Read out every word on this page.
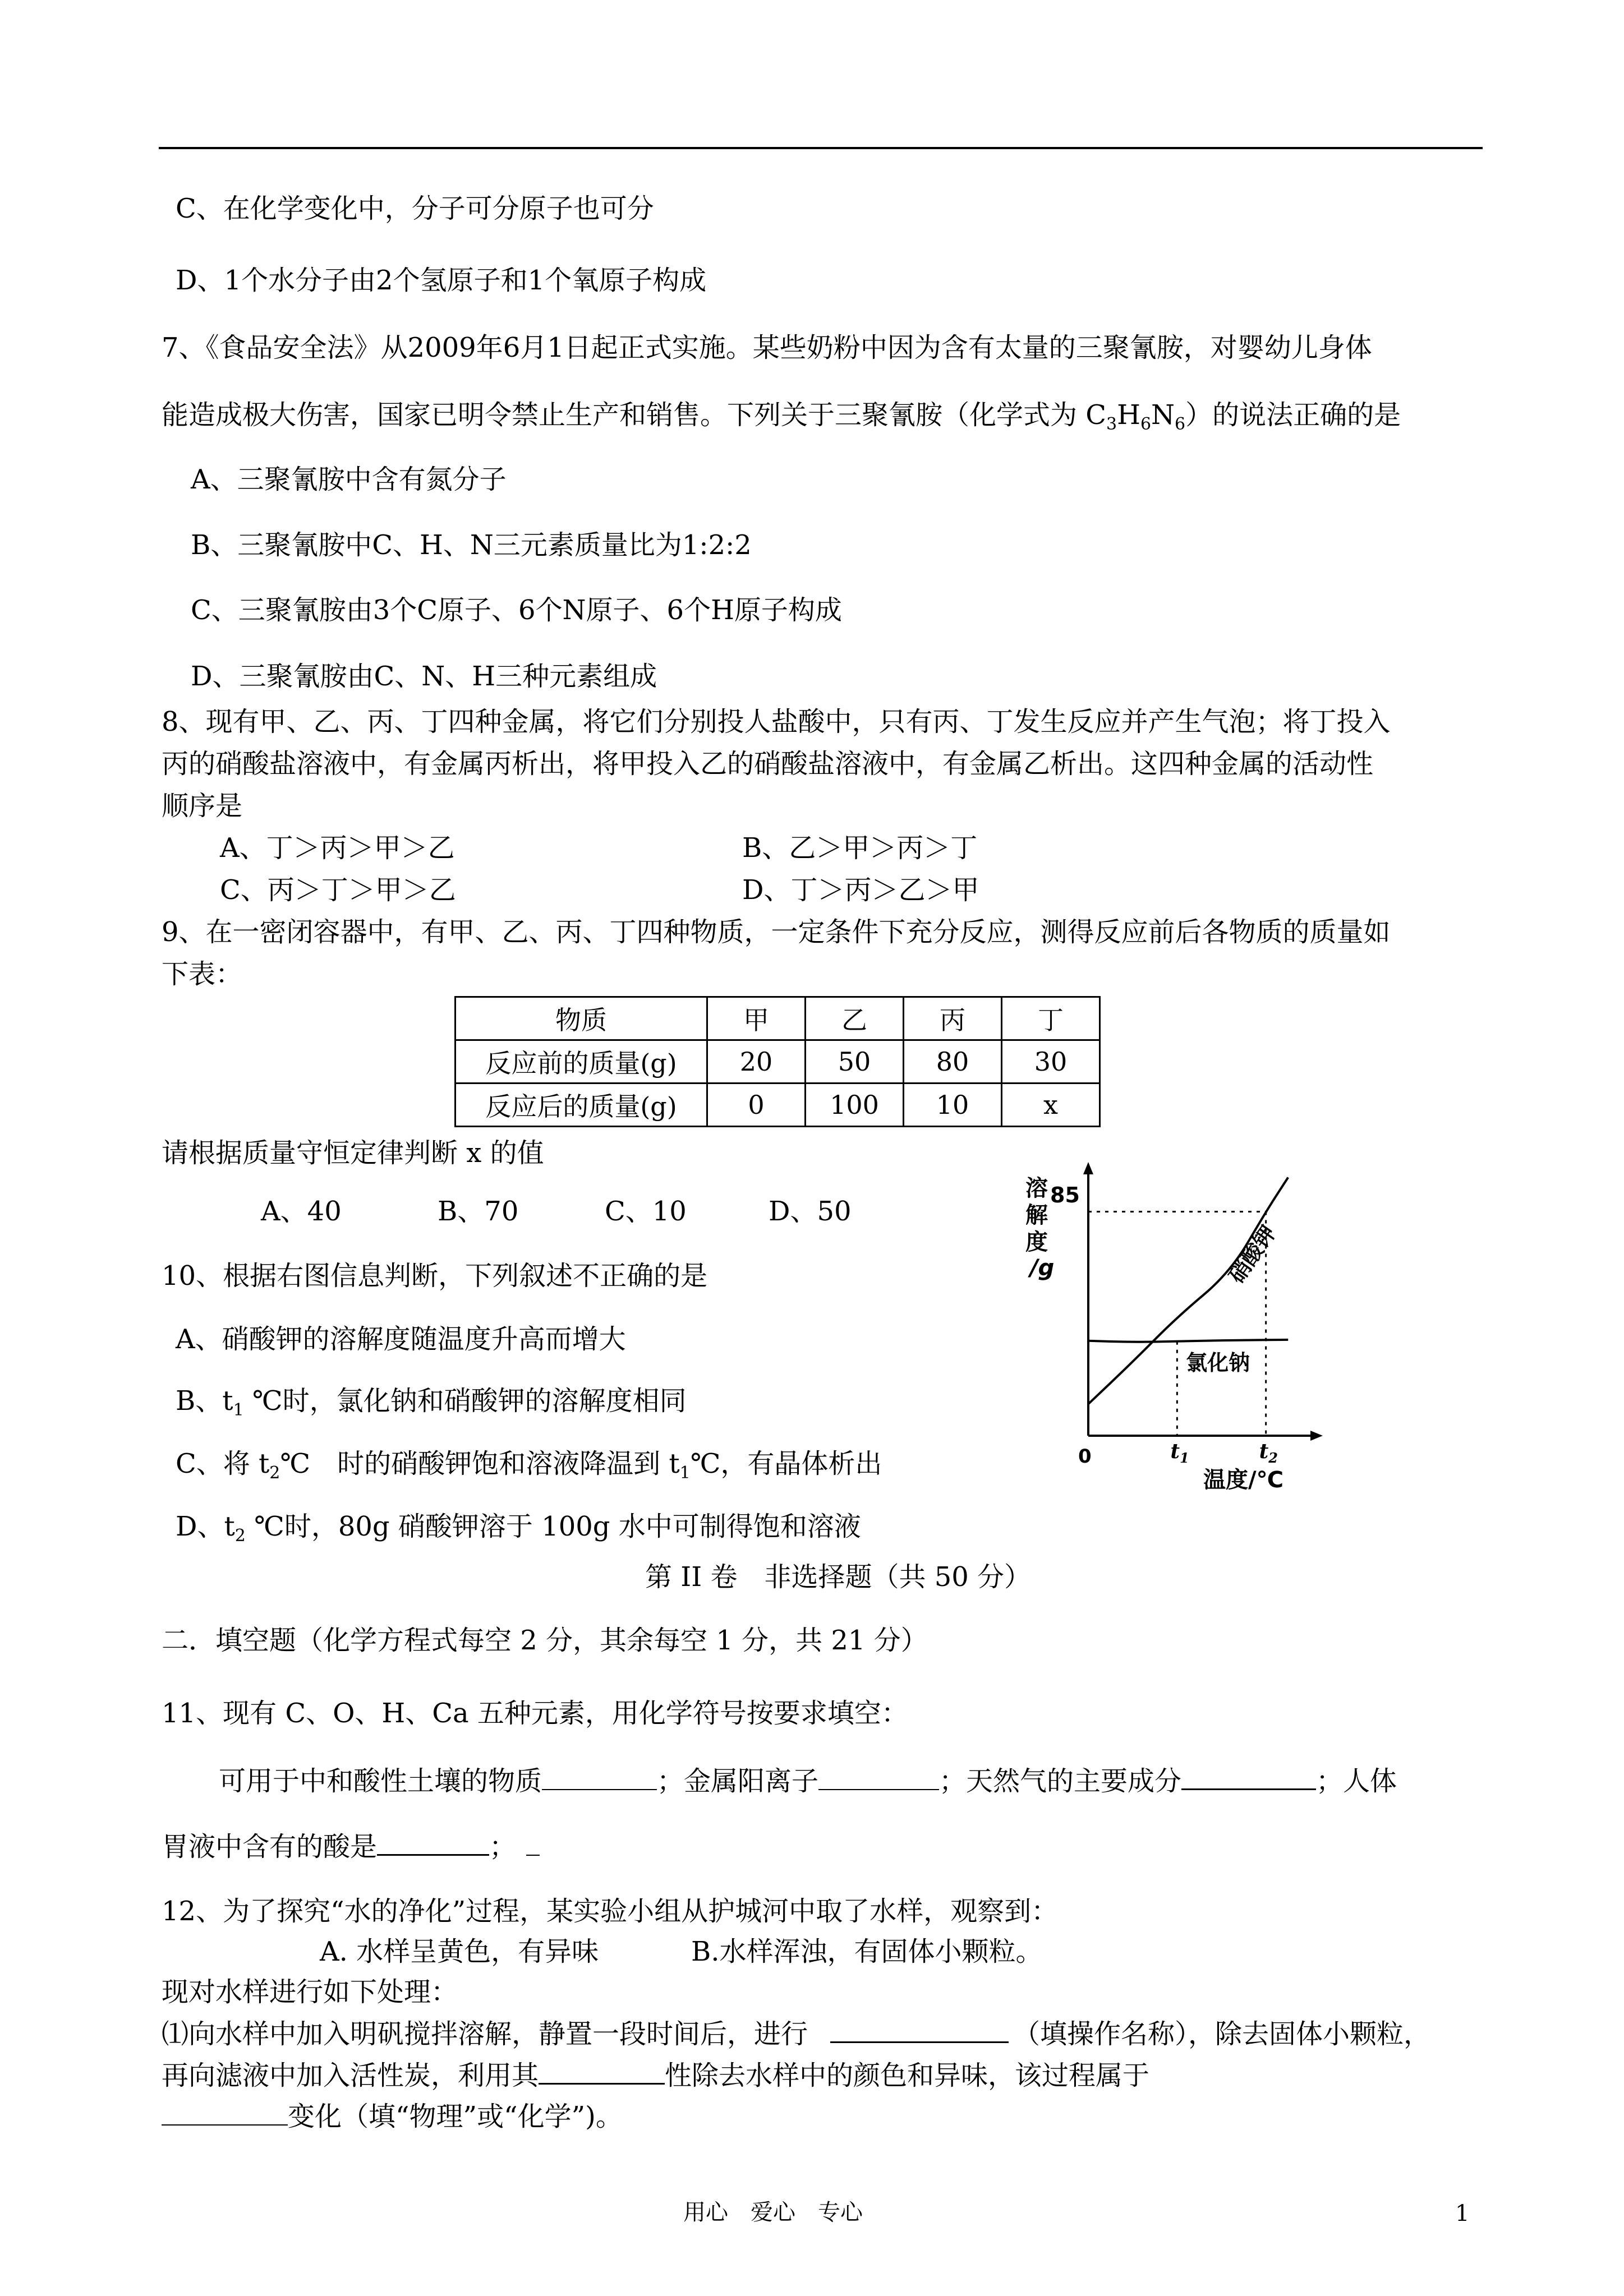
C、在化学变化中，分子可分原子也可分
D、1个水分子由2个氢原子和1个氧原子构成
7、《食品安全法》从2009年6月1日起正式实施。某些奶粉中因为含有太量的三聚氰胺，对婴幼儿身体
能造成极大伤害，国家已明令禁止生产和销售。下列关于三聚氰胺（化学式为 $C_3H_6N_6$）的说法正确的是
A、三聚氰胺中含有氮分子
B、三聚氰胺中C、H、N三元素质量比为1:2:2
C、三聚氰胺由3个C原子、6个N原子、6个H原子构成
D、三聚氰胺由C、N、H三种元素组成
8、现有甲、乙、丙、丁四种金属，将它们分别投人盐酸中，只有丙、丁发生反应并产生气泡；将丁投入
丙的硝酸盐溶液中，有金属丙析出，将甲投入乙的硝酸盐溶液中，有金属乙析出。这四种金属的活动性
顺序是
A、丁＞丙＞甲＞乙	B、乙＞甲＞丙＞丁
C、丙＞丁＞甲＞乙	D、丁＞丙＞乙＞甲
9、在一密闭容器中，有甲、乙、丙、丁四种物质，一定条件下充分反应，测得反应前后各物质的质量如
下表：
物质	甲	乙	丙	丁
反应前的质量(g)	20	50	80	30
反应后的质量(g)	0	100	10	x
请根据质量守恒定律判断 x 的值
A、40	B、70	C、10	D、50
10、根据右图信息判断，下列叙述不正确的是
A、硝酸钾的溶解度随温度升高而增大
B、$t_1$ ℃时，氯化钠和硝酸钾的溶解度相同
C、将 $t_2℃$　时的硝酸钾饱和溶液降温到 $t_1℃$，有晶体析出
D、$t_2$ ℃时，80g 硝酸钾溶于 100g 水中可制得饱和溶液
溶
解
度
/g
85
0
硝酸钾
氯化钠
$t_1$	$t_2$
温度/℃
第 II 卷　非选择题（共 50 分）
二．填空题（化学方程式每空 2 分，其余每空 1 分，共 21 分）
11、现有 C、O、H、Ca 五种元素，用化学符号按要求填空：
可用于中和酸性土壤的物质	；金属阳离子	；天然气的主要成分	；人体
胃液中含有的酸是	；
12、为了探究“水的净化”过程，某实验小组从护城河中取了水样，观察到：
A. 水样呈黄色，有异味	B.水样浑浊，有固体小颗粒。
现对水样进行如下处理：
⑴向水样中加入明矾搅拌溶解，静置一段时间后，进行	（填操作名称），除去固体小颗粒，
再向滤液中加入活性炭，利用其	性除去水样中的颜色和异味，该过程属于
变化（填“物理”或“化学”)。
用心　爱心　专心	1
